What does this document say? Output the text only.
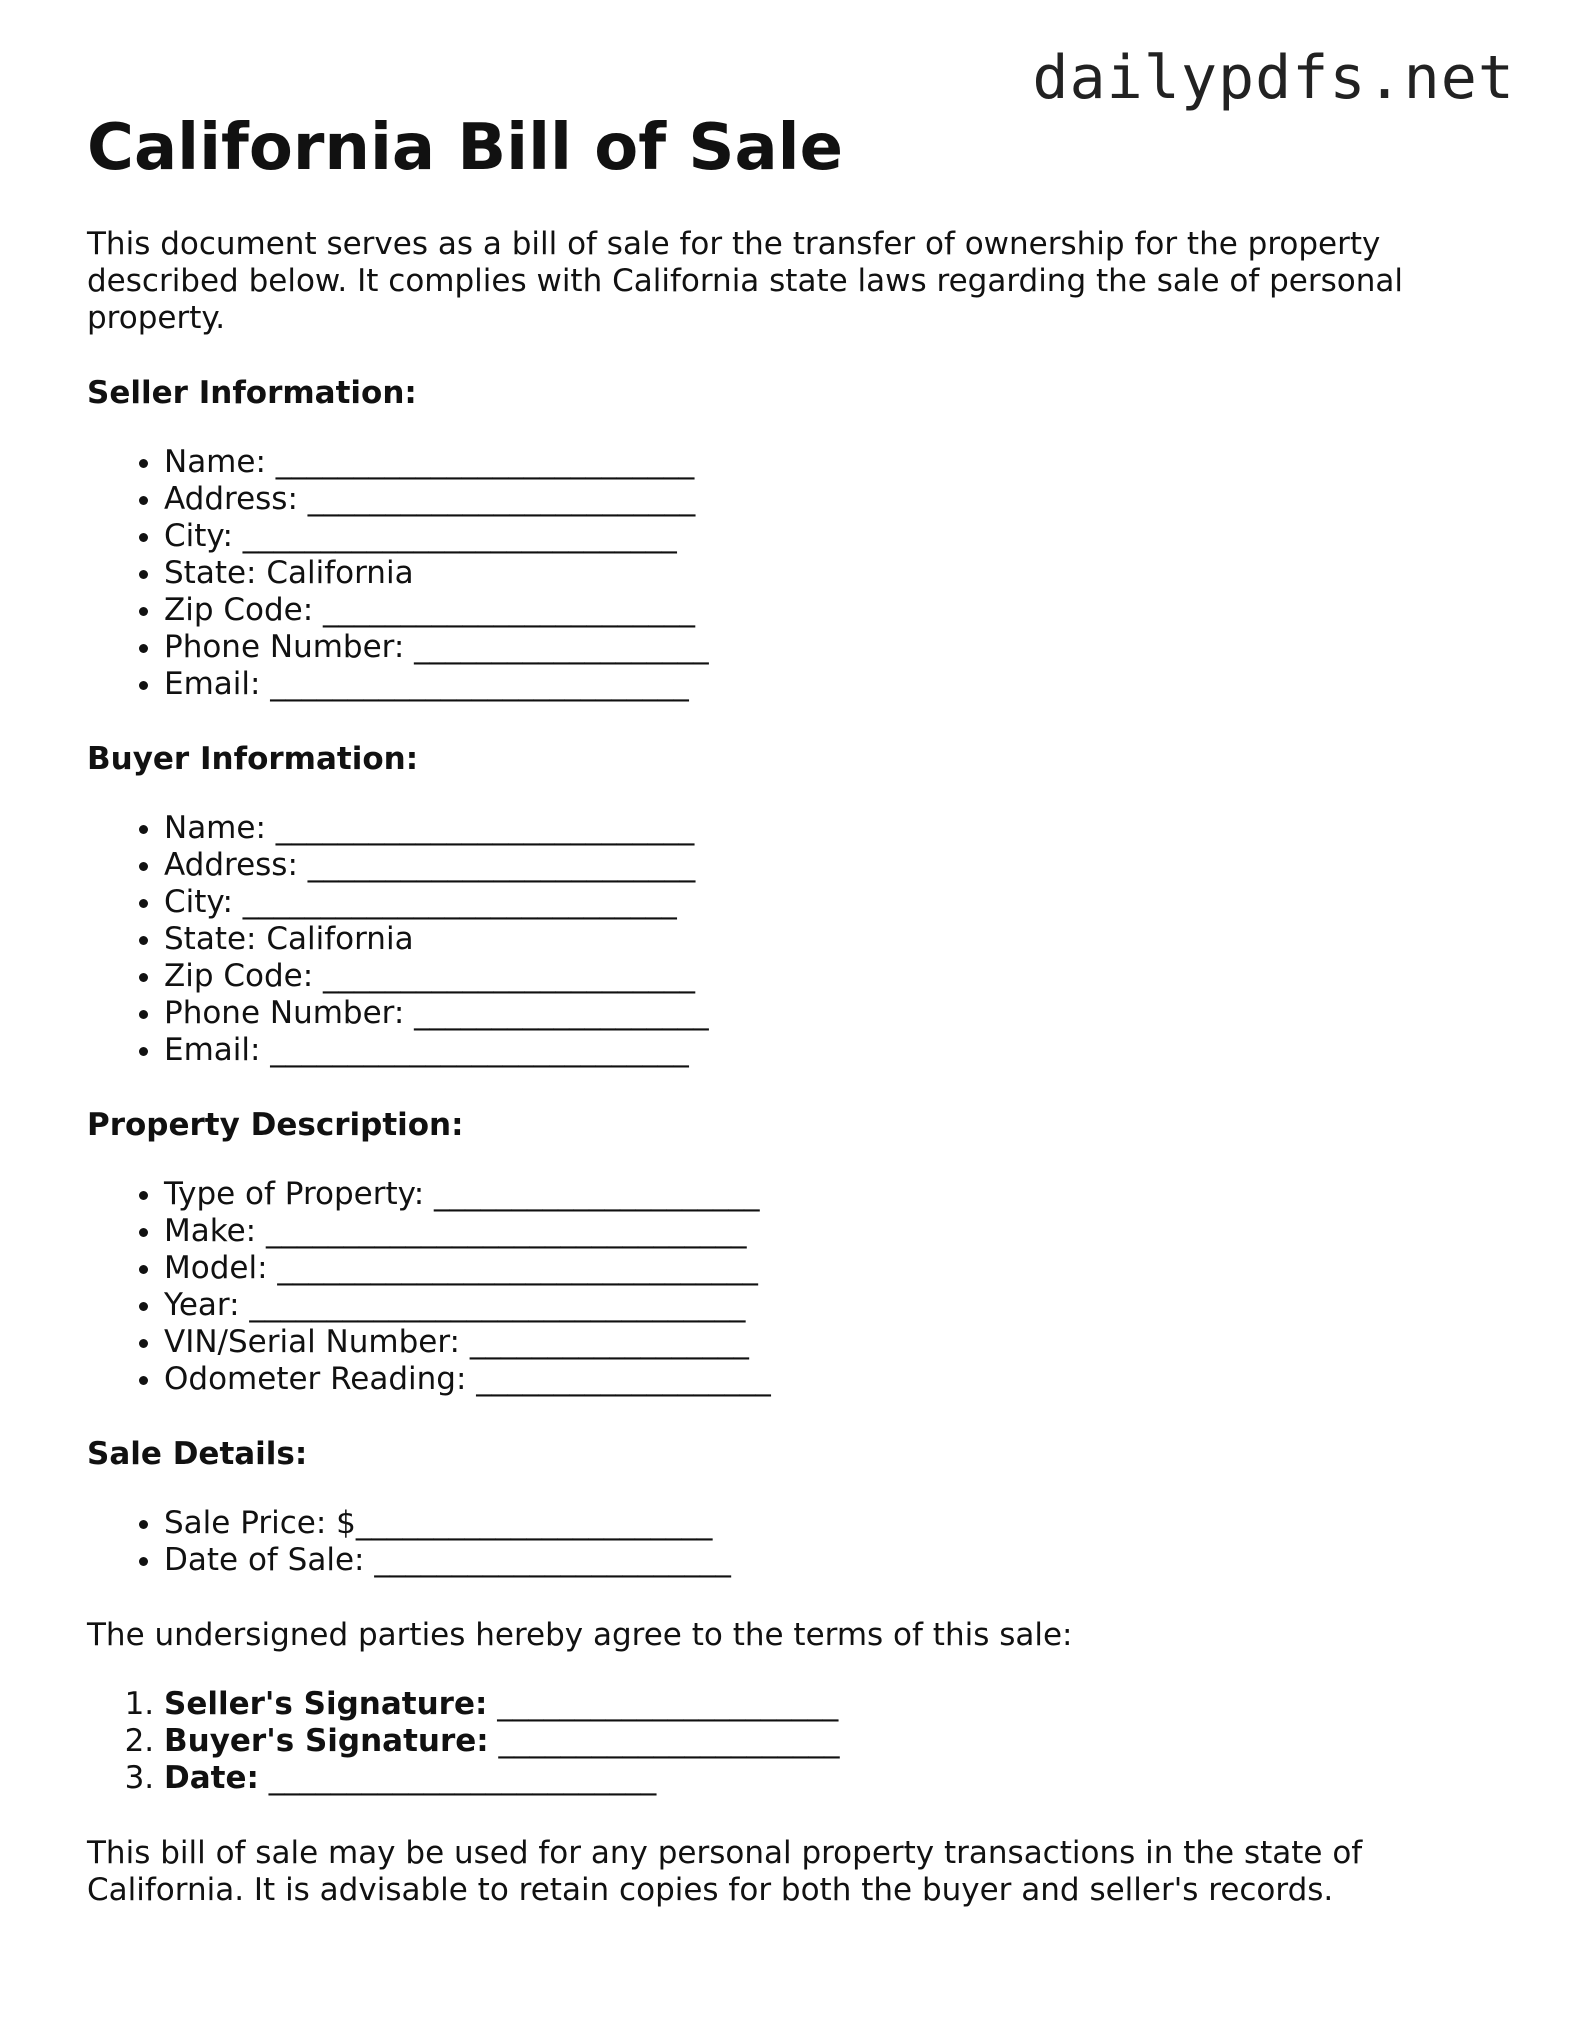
dailypdfs.net
California Bill of Sale

This document serves as a bill of sale for the transfer of ownership for the property described below. It complies with California state laws regarding the sale of personal property.

Seller Information:
• Name: ___________________________
• Address: _________________________
• City: ____________________________
• State: California
• Zip Code: ________________________
• Phone Number: ___________________
• Email: ___________________________
Buyer Information:
• Name: ___________________________
• Address: _________________________
• City: ____________________________
• State: California
• Zip Code: ________________________
• Phone Number: ___________________
• Email: ___________________________
Property Description:
• Type of Property: _____________________
• Make: _______________________________
• Model: _______________________________
• Year: ________________________________
• VIN/Serial Number: __________________
• Odometer Reading: ___________________
Sale Details:
• Sale Price: $_______________________
• Date of Sale: _______________________

The undersigned parties hereby agree to the terms of this sale:

1. Seller's Signature: ______________________
2. Buyer's Signature: ______________________
3. Date: _________________________

This bill of sale may be used for any personal property transactions in the state of California. It is advisable to retain copies for both the buyer and seller's records.
